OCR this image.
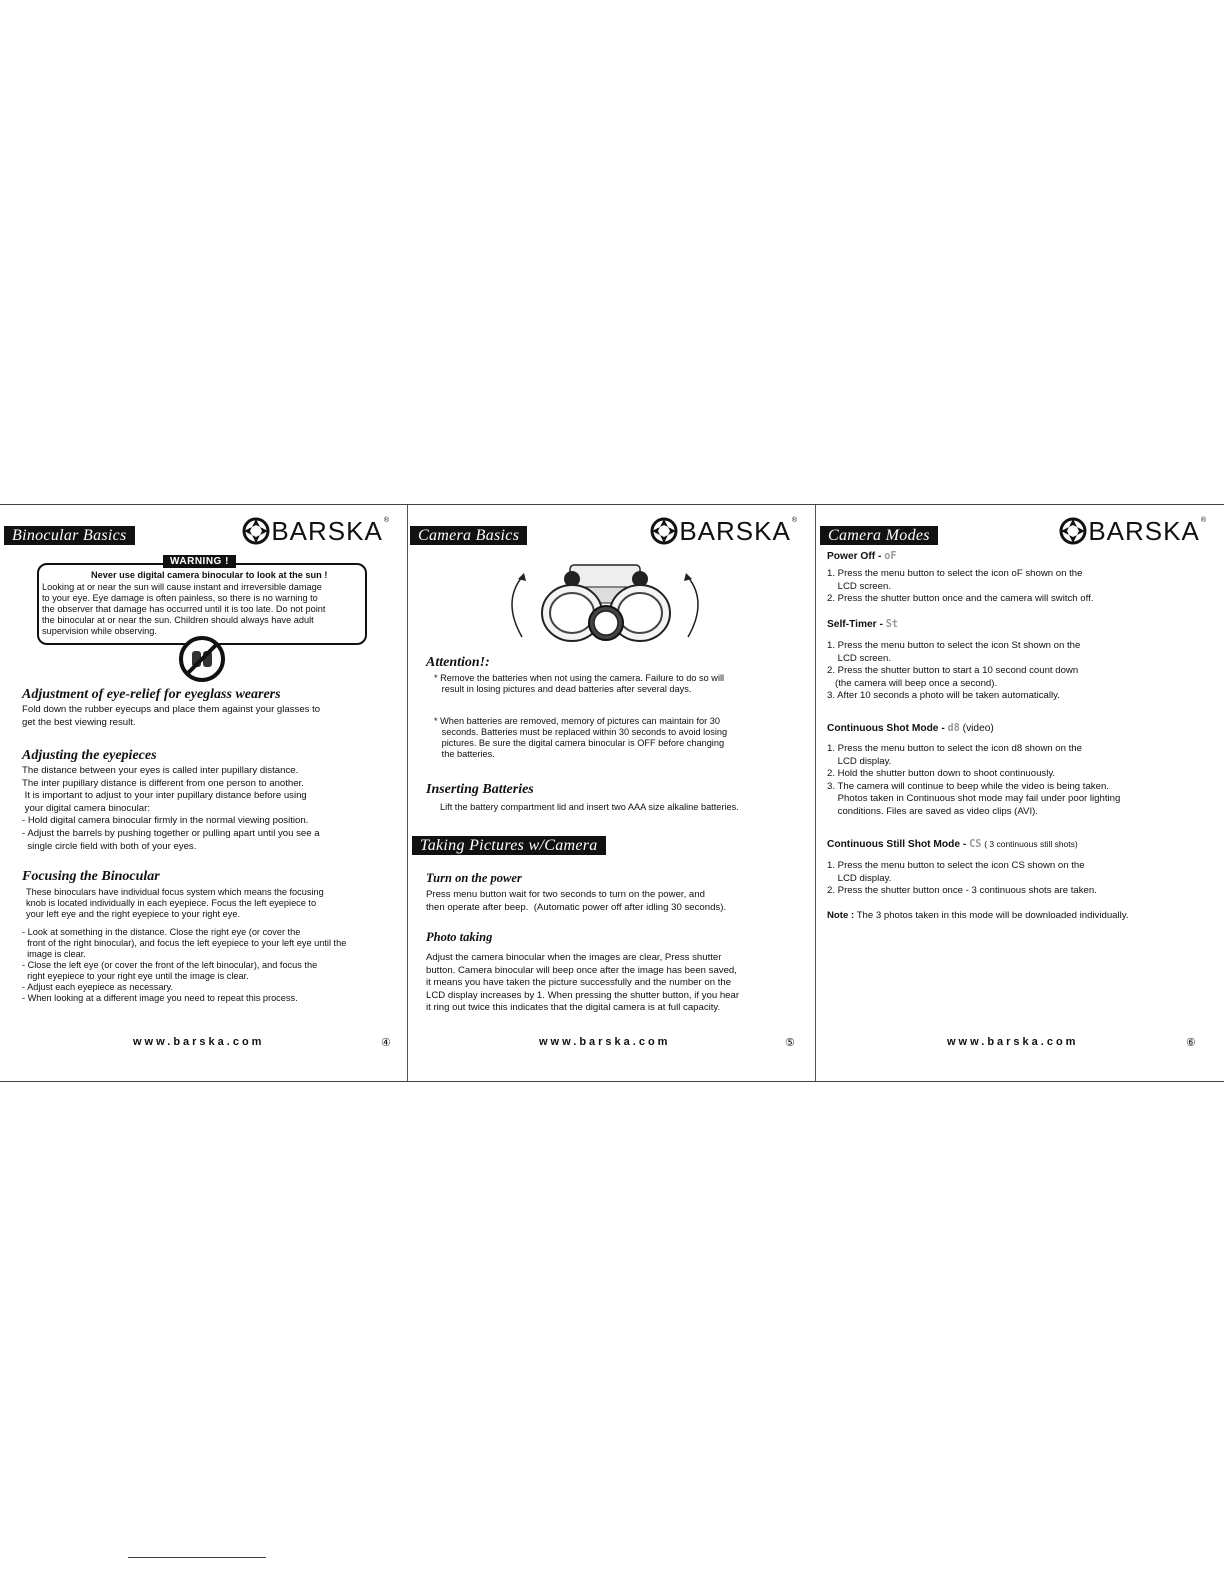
Binocular Basics	BARSKA ®
WARNING !
Never use digital camera binocular to look at the sun !
Looking at or near the sun will cause instant and irreversible damage
to your eye. Eye damage is often painless, so there is no warning to
the observer that damage has occurred until it is too late. Do not point
the binocular at or near the sun. Children should always have adult
supervision while observing.
Adjustment of eye-relief for eyeglass wearers
Fold down the rubber eyecups and place them against your glasses to
get the best viewing result.
Adjusting the eyepieces
The distance between your eyes is called inter pupillary distance.
The inter pupillary distance is different from one person to another.
It is important to adjust to your inter pupillary distance before using
your digital camera binocular:
- Hold digital camera binocular firmly in the normal viewing position.
- Adjust the barrels by pushing together or pulling apart until you see a
single circle field with both of your eyes.
Focusing the Binocular
These binoculars have individual focus system which means the focusing
knob is located individually in each eyepiece. Focus the left eyepiece to
your left eye and the right eyepiece to your right eye.
- Look at something in the distance. Close the right eye (or cover the
front of the right binocular), and focus the left eyepiece to your left eye until the
image is clear.
- Close the left eye (or cover the front of the left binocular), and focus the
right eyepiece to your right eye until the image is clear.
- Adjust each eyepiece as necessary.
- When looking at a different image you need to repeat this process.
www.barska.com	④
Camera Basics	BARSKA ®
Attention!:
* Remove the batteries when not using the camera. Failure to do so will
result in losing pictures and dead batteries after several days.
* When batteries are removed, memory of pictures can maintain for 30
seconds. Batteries must be replaced within 30 seconds to avoid losing
pictures. Be sure the digital camera binocular is OFF before changing
the batteries.
Inserting Batteries
Lift the battery compartment lid and insert two AAA size alkaline batteries.
Taking Pictures w/Camera
Turn on the power
Press menu button wait for two seconds to turn on the power, and
then operate after beep.  (Automatic power off after idling 30 seconds).
Photo taking
Adjust the camera binocular when the images are clear, Press shutter
button. Camera binocular will beep once after the image has been saved,
it means you have taken the picture successfully and the number on the
LCD display increases by 1. When pressing the shutter button, if you hear
it ring out twice this indicates that the digital camera is at full capacity.
www.barska.com	⑤
Camera Modes	BARSKA ®
Power Off - oF
1. Press the menu button to select the icon oF shown on the
LCD screen.
2. Press the shutter button once and the camera will switch off.
Self-Timer - St
1. Press the menu button to select the icon St shown on the
LCD screen.
2. Press the shutter button to start a 10 second count down
(the camera will beep once a second).
3. After 10 seconds a photo will be taken automatically.
Continuous Shot Mode - d8 (video)
1. Press the menu button to select the icon d8 shown on the
LCD display.
2. Hold the shutter button down to shoot continuously.
3. The camera will continue to beep while the video is being taken.
Photos taken in Continuous shot mode may fail under poor lighting
conditions. Files are saved as video clips (AVI).
Continuous Still Shot Mode - CS ( 3 continuous still shots)
1. Press the menu button to select the icon CS shown on the
LCD display.
2. Press the shutter button once - 3 continuous shots are taken.
Note : The 3 photos taken in this mode will be downloaded individually.
www.barska.com	⑥
